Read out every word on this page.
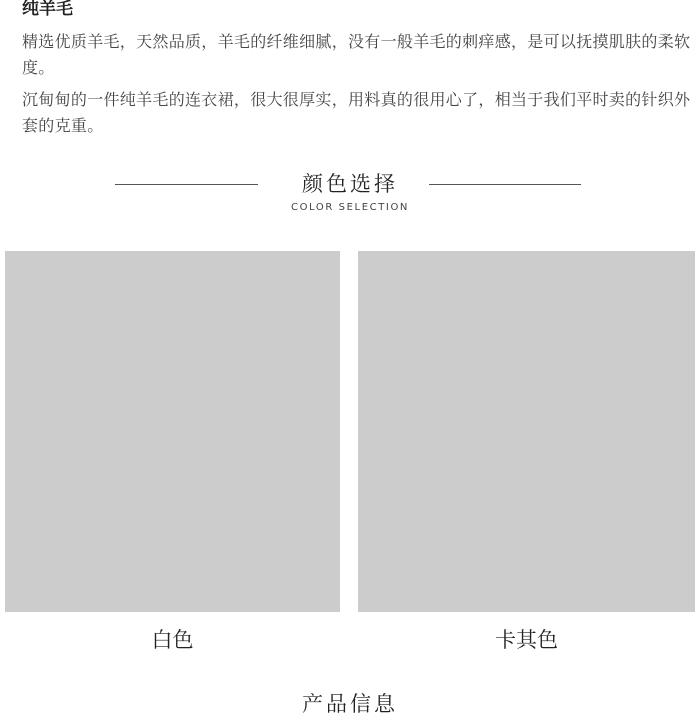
纯羊毛

精选优质羊毛，天然品质，羊毛的纤维细腻，没有一般羊毛的刺痒感，是可以抚摸肌肤的柔软度。

沉甸甸的一件纯羊毛的连衣裙，很大很厚实，用料真的很用心了，相当于我们平时卖的针织外套的克重。

颜色选择
COLOR SELECTION
白色	卡其色
产品信息
